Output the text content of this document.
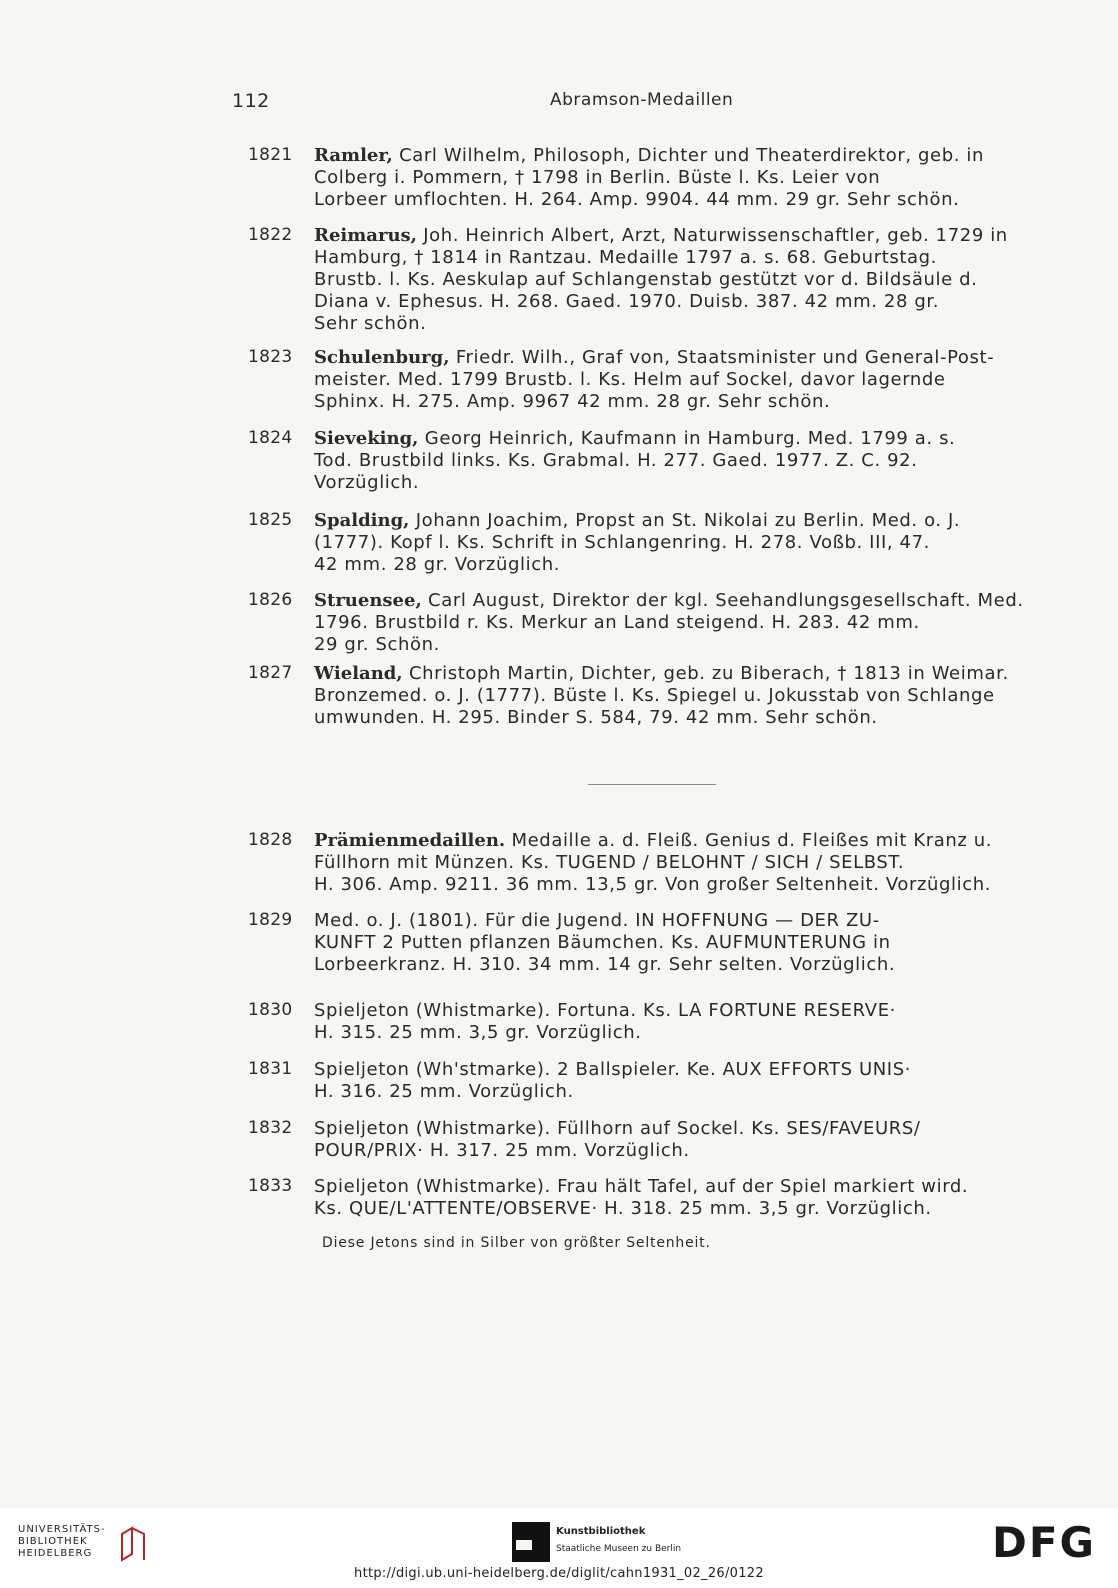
112	Abramson-Medaillen
1821	Ramler, Carl Wilhelm, Philosoph, Dichter und Theaterdirektor, geb. in
Colberg i. Pommern, † 1798 in Berlin. Büste l. Ks. Leier von
Lorbeer umflochten. H. 264. Amp. 9904. 44 mm. 29 gr. Sehr schön.
1822	Reimarus, Joh. Heinrich Albert, Arzt, Naturwissenschaftler, geb. 1729 in
Hamburg, † 1814 in Rantzau. Medaille 1797 a. s. 68. Geburtstag.
Brustb. l. Ks. Aeskulap auf Schlangenstab gestützt vor d. Bildsäule d.
Diana v. Ephesus. H. 268. Gaed. 1970. Duisb. 387. 42 mm. 28 gr.
Sehr schön.
1823	Schulenburg, Friedr. Wilh., Graf von, Staatsminister und General-Post-
meister. Med. 1799 Brustb. l. Ks. Helm auf Sockel, davor lagernde
Sphinx. H. 275. Amp. 9967 42 mm. 28 gr. Sehr schön.
1824	Sieveking, Georg Heinrich, Kaufmann in Hamburg. Med. 1799 a. s.
Tod. Brustbild links. Ks. Grabmal. H. 277. Gaed. 1977. Z. C. 92.
Vorzüglich.
1825	Spalding, Johann Joachim, Propst an St. Nikolai zu Berlin. Med. o. J.
(1777). Kopf l. Ks. Schrift in Schlangenring. H. 278. Voßb. III, 47.
42 mm. 28 gr. Vorzüglich.
1826	Struensee, Carl August, Direktor der kgl. Seehandlungsgesellschaft. Med.
1796. Brustbild r. Ks. Merkur an Land steigend. H. 283. 42 mm.
29 gr. Schön.
1827	Wieland, Christoph Martin, Dichter, geb. zu Biberach, † 1813 in Weimar.
Bronzemed. o. J. (1777). Büste l. Ks. Spiegel u. Jokusstab von Schlange
umwunden. H. 295. Binder S. 584, 79. 42 mm. Sehr schön.
1828	Prämienmedaillen. Medaille a. d. Fleiß. Genius d. Fleißes mit Kranz u.
Füllhorn mit Münzen. Ks. TUGEND / BELOHNT / SICH / SELBST.
H. 306. Amp. 9211. 36 mm. 13,5 gr. Von großer Seltenheit. Vorzüglich.
1829	Med. o. J. (1801). Für die Jugend. IN HOFFNUNG — DER ZU-
KUNFT 2 Putten pflanzen Bäumchen. Ks. AUFMUNTERUNG in
Lorbeerkranz. H. 310. 34 mm. 14 gr. Sehr selten. Vorzüglich.
1830	Spieljeton (Whistmarke). Fortuna. Ks. LA FORTUNE RESERVE·
H. 315. 25 mm. 3,5 gr. Vorzüglich.
1831	Spieljeton (Wh'stmarke). 2 Ballspieler. Ke. AUX EFFORTS UNIS·
H. 316. 25 mm. Vorzüglich.
1832	Spieljeton (Whistmarke). Füllhorn auf Sockel. Ks. SES/FAVEURS/
POUR/PRIX· H. 317. 25 mm. Vorzüglich.
1833	Spieljeton (Whistmarke). Frau hält Tafel, auf der Spiel markiert wird.
Ks. QUE/L'ATTENTE/OBSERVE· H. 318. 25 mm. 3,5 gr. Vorzüglich.
Diese Jetons sind in Silber von größter Seltenheit.
UNIVERSITÄTS-
BIBLIOTHEK
HEIDELBERG
Kunstbibliothek
Staatliche Museen zu Berlin	DFG
http://digi.ub.uni-heidelberg.de/diglit/cahn1931_02_26/0122
